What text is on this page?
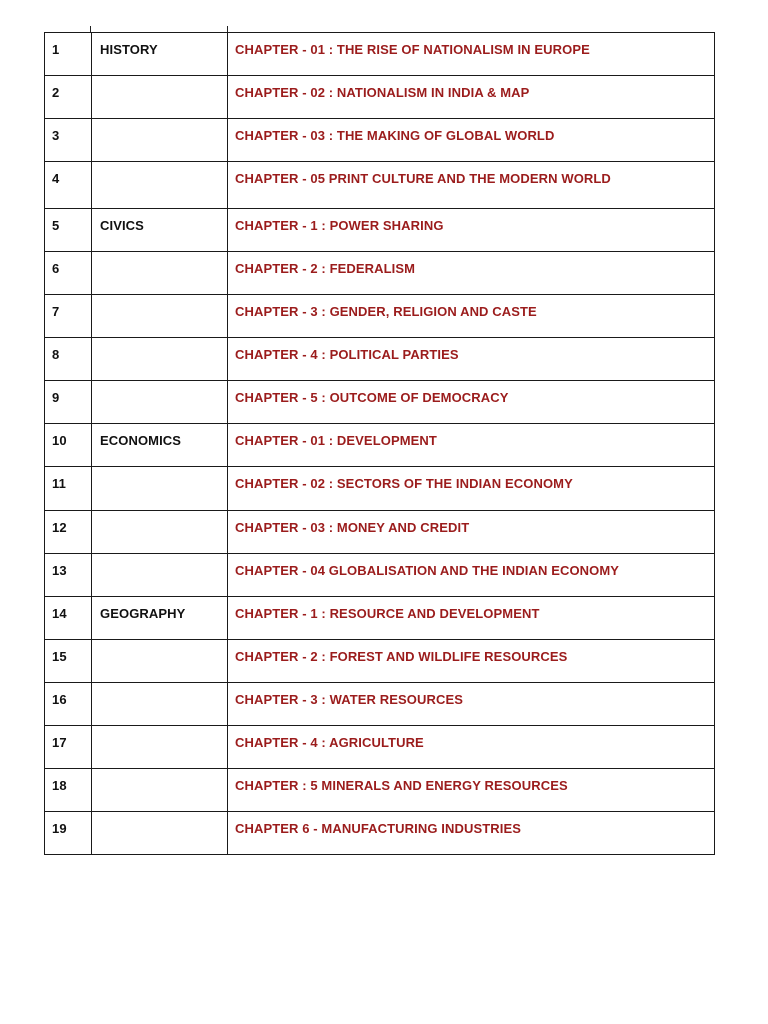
1	HISTORY	CHAPTER - 01 : THE RISE OF NATIONALISM IN EUROPE
2		CHAPTER - 02 : NATIONALISM IN INDIA & MAP
3		CHAPTER - 03 : THE MAKING OF GLOBAL WORLD
4		CHAPTER - 05 PRINT CULTURE AND THE MODERN WORLD
5	CIVICS	CHAPTER - 1 : POWER SHARING
6		CHAPTER - 2 : FEDERALISM
7		CHAPTER - 3 : GENDER, RELIGION AND CASTE
8		CHAPTER - 4 : POLITICAL PARTIES
9		CHAPTER - 5 : OUTCOME OF DEMOCRACY
10	ECONOMICS	CHAPTER - 01 : DEVELOPMENT
11		CHAPTER - 02 : SECTORS OF THE INDIAN ECONOMY
12		CHAPTER - 03 : MONEY AND CREDIT
13		CHAPTER - 04 GLOBALISATION AND THE INDIAN ECONOMY
14	GEOGRAPHY	CHAPTER - 1 : RESOURCE AND DEVELOPMENT
15		CHAPTER - 2 : FOREST AND WILDLIFE RESOURCES
16		CHAPTER - 3 : WATER RESOURCES
17		CHAPTER - 4 : AGRICULTURE
18		CHAPTER : 5 MINERALS AND ENERGY RESOURCES
19		CHAPTER 6 - MANUFACTURING INDUSTRIES
